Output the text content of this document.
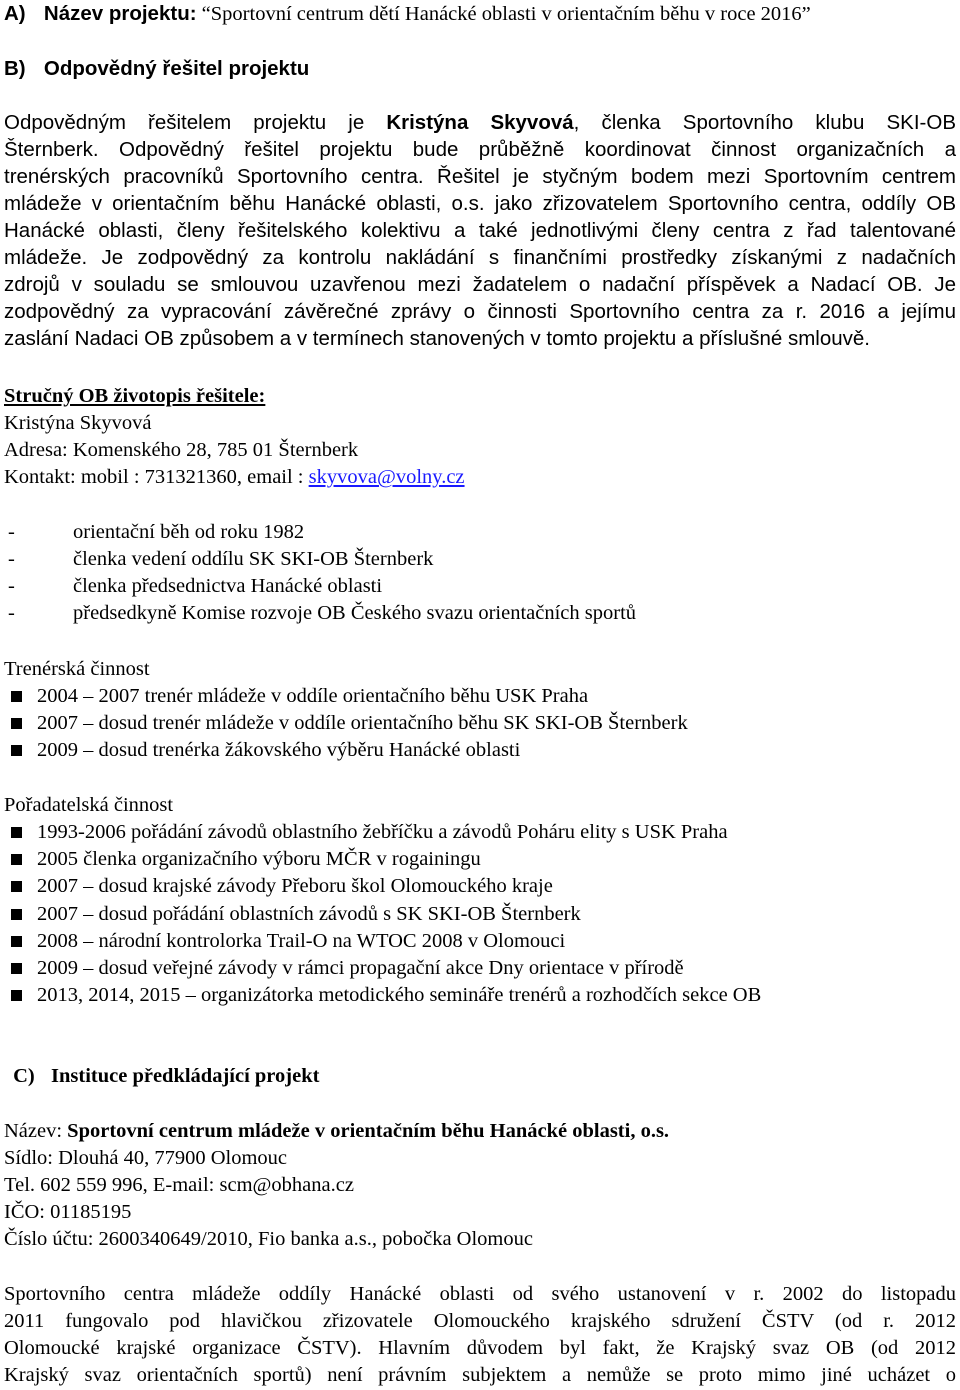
A) Název projektu: “Sportovní centrum dětí Hanácké oblasti v orientačním běhu v roce 2016”
B) Odpovědný řešitel projektu
Odpovědným řešitelem projektu je Kristýna Skyvová, členka Sportovního klubu SKI-OB
Šternberk. Odpovědný řešitel projektu bude průběžně koordinovat činnost organizačních a
trenérských pracovníků Sportovního centra. Řešitel je styčným bodem mezi Sportovním centrem
mládeže v orientačním běhu Hanácké oblasti, o.s. jako zřizovatelem Sportovního centra, oddíly OB
Hanácké oblasti, členy řešitelského kolektivu a také jednotlivými členy centra z řad talentované
mládeže. Je zodpovědný za kontrolu nakládání s finančními prostředky získanými z nadačních
zdrojů v souladu se smlouvou uzavřenou mezi žadatelem o nadační příspěvek a Nadací OB. Je
zodpovědný za vypracování závěrečné zprávy o činnosti Sportovního centra za r. 2016 a jejímu
zaslání Nadaci OB způsobem a v termínech stanovených v tomto projektu a příslušné smlouvě.
Stručný OB životopis řešitele:
Kristýna Skyvová
Adresa: Komenského 28, 785 01 Šternberk
Kontakt: mobil : 731321360, email : skyvova@volny.cz
-	orientační běh od roku 1982
-	členka vedení oddílu SK SKI-OB Šternberk
-	členka předsednictva Hanácké oblasti
-	předsedkyně Komise rozvoje OB Českého svazu orientačních sportů
Trenérská činnost
2004 – 2007 trenér mládeže v oddíle orientačního běhu USK Praha
2007 – dosud trenér mládeže v oddíle orientačního běhu SK SKI-OB Šternberk
2009 – dosud trenérka žákovského výběru Hanácké oblasti
Pořadatelská činnost
1993-2006 pořádání závodů oblastního žebříčku a závodů Poháru elity s USK Praha
2005 členka organizačního výboru MČR v rogainingu
2007 – dosud krajské závody Přeboru škol Olomouckého kraje
2007 – dosud pořádání oblastních závodů s SK SKI-OB Šternberk
2008 – národní kontrolorka Trail-O na WTOC 2008 v Olomouci
2009 – dosud veřejné závody v rámci propagační akce Dny orientace v přírodě
2013, 2014, 2015 – organizátorka metodického semináře trenérů a rozhodčích sekce OB
C) Instituce předkládající projekt
Název: Sportovní centrum mládeže v orientačním běhu Hanácké oblasti, o.s.
Sídlo: Dlouhá 40, 77900 Olomouc
Tel. 602 559 996, E-mail: scm@obhana.cz
IČO: 01185195
Číslo účtu: 2600340649/2010, Fio banka a.s., pobočka Olomouc
Sportovního centra mládeže oddíly Hanácké oblasti od svého ustanovení v r. 2002 do listopadu
2011 fungovalo pod hlavičkou zřizovatele Olomouckého krajského sdružení ČSTV (od r. 2012
Olomoucké krajské organizace ČSTV). Hlavním důvodem byl fakt, že Krajský svaz OB (od 2012
Krajský svaz orientačních sportů) není právním subjektem a nemůže se proto mimo jiné ucházet o
